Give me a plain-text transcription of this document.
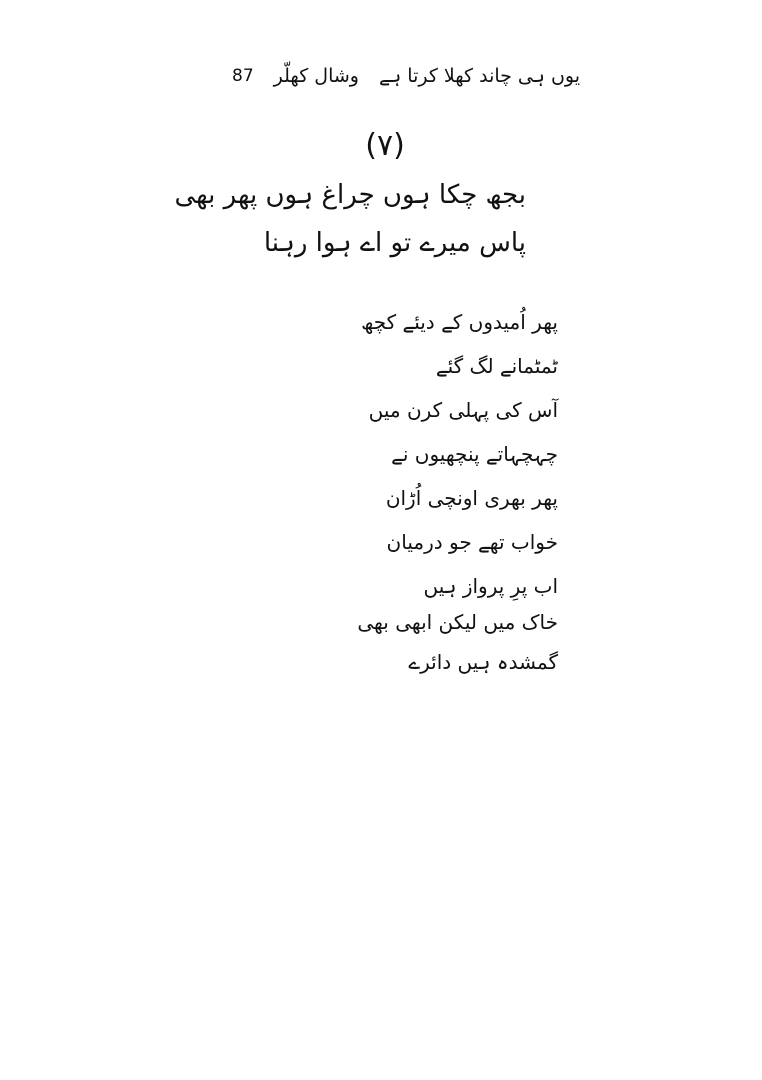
یوں ہی چاند کھلا کرتا ہے
وشال کھلّر
87
(۷)
بجھ چکا ہوں چراغ ہوں پھر بھی
پاس میرے تو اے ہوا رہنا

پھر اُمیدوں کے دیئے کچھ

ٹمٹمانے لگ گئے

آس کی پہلی کرن میں

چہچہاتے پنچھیوں نے

پھر بھری اونچی اُڑان

خواب تھے جو درمیان

اب پرِ پرواز ہیں

خاک میں لیکن ابھی بھی

گمشدہ ہیں دائرے
